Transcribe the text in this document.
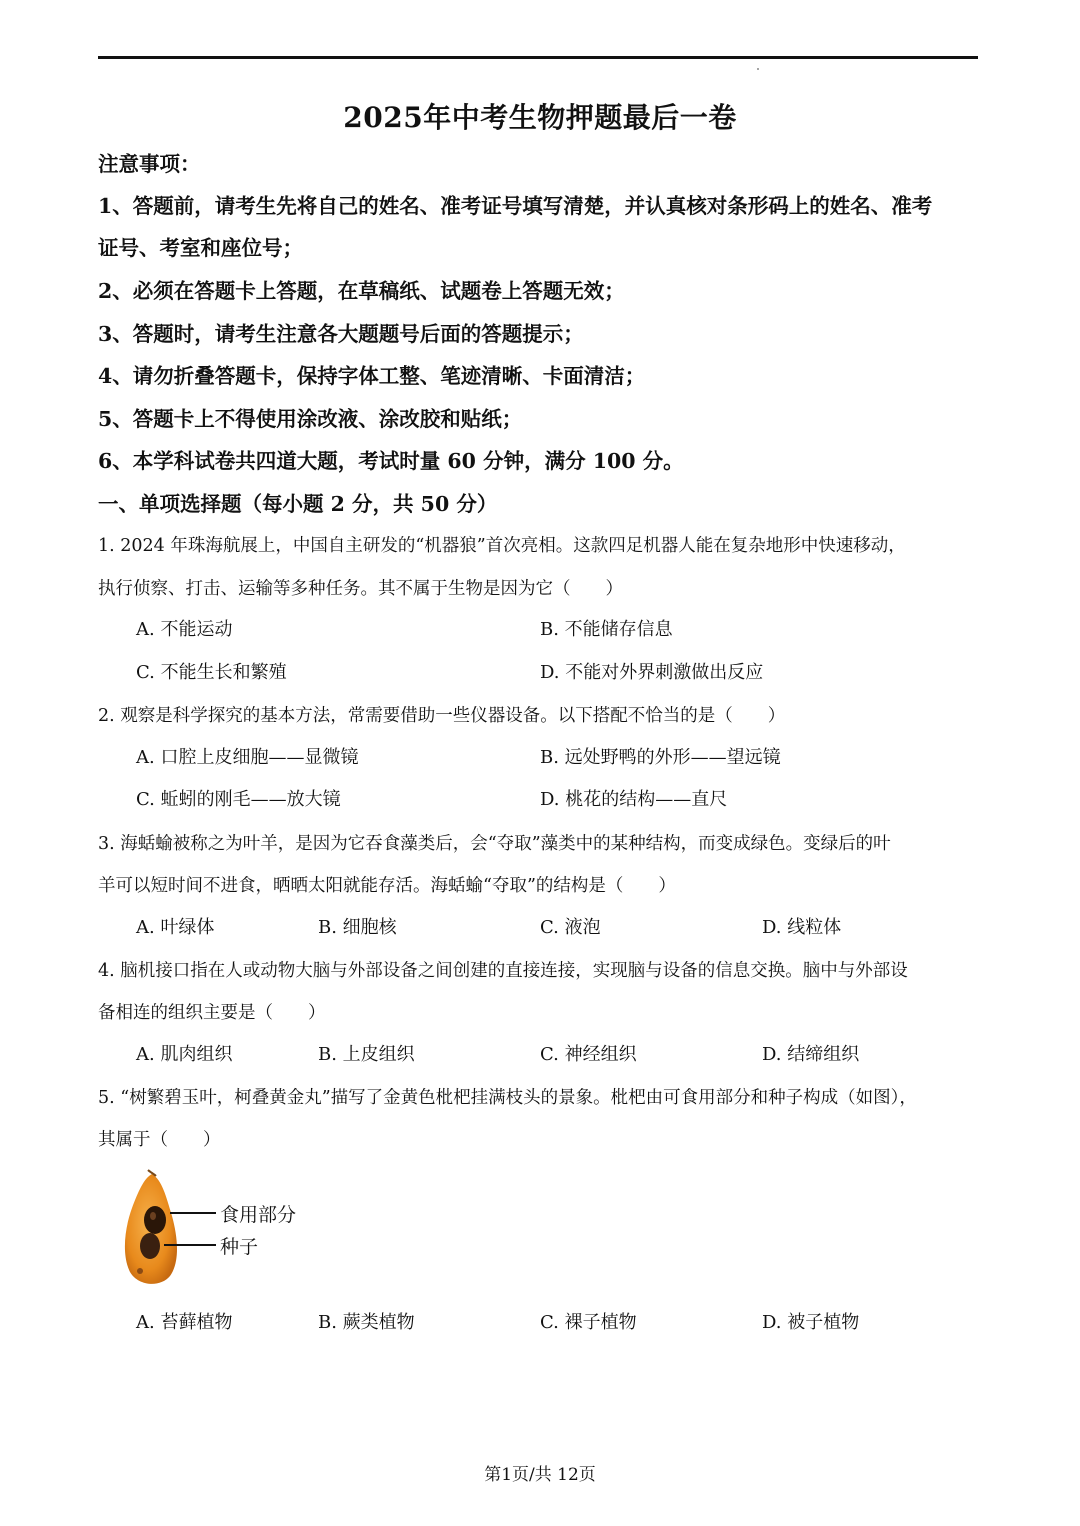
2025年中考生物押题最后一卷
注意事项：
1、答题前，请考生先将自己的姓名、准考证号填写清楚，并认真核对条形码上的姓名、准考
证号、考室和座位号；
2、必须在答题卡上答题，在草稿纸、试题卷上答题无效；
3、答题时，请考生注意各大题题号后面的答题提示；
4、请勿折叠答题卡，保持字体工整、笔迹清晰、卡面清洁；
5、答题卡上不得使用涂改液、涂改胶和贴纸；
6、本学科试卷共四道大题，考试时量 60 分钟，满分 100 分。
一、单项选择题（每小题 2 分，共 50 分）
1. 2024 年珠海航展上，中国自主研发的“机器狼”首次亮相。这款四足机器人能在复杂地形中快速移动，
执行侦察、打击、运输等多种任务。其不属于生物是因为它（　　）
A. 不能运动	B. 不能储存信息
C. 不能生长和繁殖	D. 不能对外界刺激做出反应
2. 观察是科学探究的基本方法，常需要借助一些仪器设备。以下搭配不恰当的是（　　）
A. 口腔上皮细胞——显微镜	B. 远处野鸭的外形——望远镜
C. 蚯蚓的刚毛——放大镜	D. 桃花的结构——直尺
3. 海蛞蝓被称之为叶羊，是因为它吞食藻类后，会“夺取”藻类中的某种结构，而变成绿色。变绿后的叶
羊可以短时间不进食，晒晒太阳就能存活。海蛞蝓“夺取”的结构是（　　）
A. 叶绿体	B. 细胞核	C. 液泡	D. 线粒体
4. 脑机接口指在人或动物大脑与外部设备之间创建的直接连接，实现脑与设备的信息交换。脑中与外部设
备相连的组织主要是（　　）
A. 肌肉组织	B. 上皮组织	C. 神经组织	D. 结缔组织
5. “树繁碧玉叶，柯叠黄金丸”描写了金黄色枇杷挂满枝头的景象。枇杷由可食用部分和种子构成（如图），
其属于（　　）
食用部分
种子
A. 苔藓植物	B. 蕨类植物	C. 裸子植物	D. 被子植物
第1页/共 12页
